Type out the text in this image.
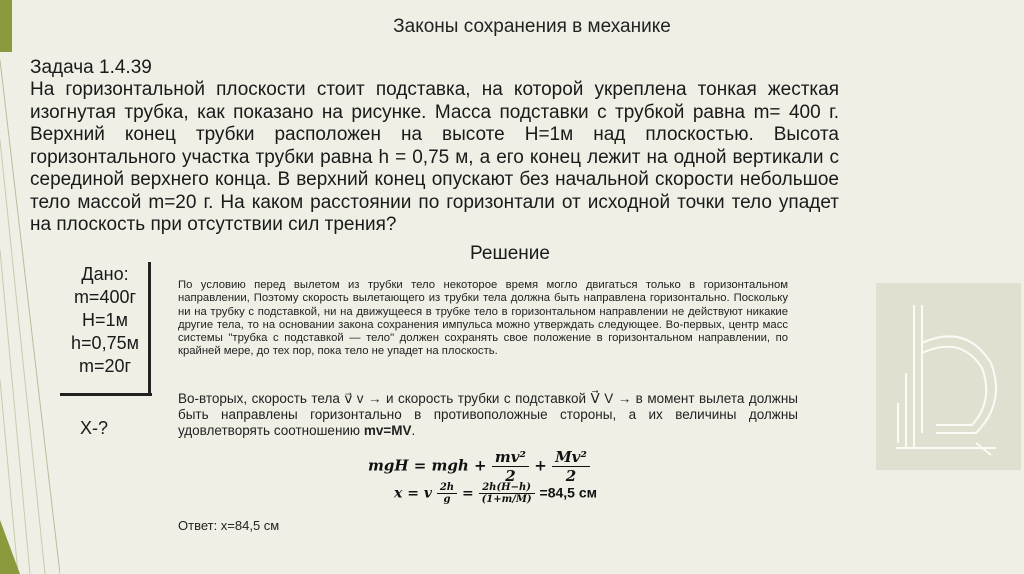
Законы сохранения в механике
Задача 1.4.39
На горизонтальной плоскости стоит подставка, на которой укреплена тонкая жесткая изогнутая трубка, как показано на рисунке. Масса подставки с трубкой равна m= 400 г. Верхний конец трубки расположен на высоте H=1м над плоскостью. Высота горизонтального участка трубки равна h = 0,75 м, а его конец лежит на одной вертикали с серединой верхнего конца. В верхний конец опускают без начальной скорости небольшое тело массой m=20 г. На каком расстоянии по горизонтали от исходной точки тело упадет на плоскость при отсутствии сил трения?
Решение
Дано:
m=400г
H=1м
h=0,75м
m=20г
X-?
По условию перед вылетом из трубки тело некоторое время могло двигаться только в горизонтальном направлении, Поэтому скорость вылетающего из трубки тела должна быть направлена горизонтально. Поскольку ни на трубку с подставкой, ни на движущееся в трубке тело в горизонтальном направлении не действуют никакие другие тела, то на основании закона сохранения импульса можно утверждать следующее. Во-первых, центр масс системы "трубка с подставкой — тело" должен сохранять свое положение в горизонтальном направлении, по крайней мере, до тех пор, пока тело не упадет на плоскость.
Во-вторых, скорость тела v⃗ v → и скорость трубки с подставкой V⃗ V → в момент вылета должны быть направлены горизонтально в противоположные стороны, а их величины должны удовлетворять соотношению mv=MV.
mgH = mgh + $\frac{\text{mv²}}{2} + \frac{\text{Mv²}}{2}$
x = v $\frac{2h}{g} = \frac{2h(H-h)}{(1+m/M)} =84,5$ см
Ответ: x=84,5 см
